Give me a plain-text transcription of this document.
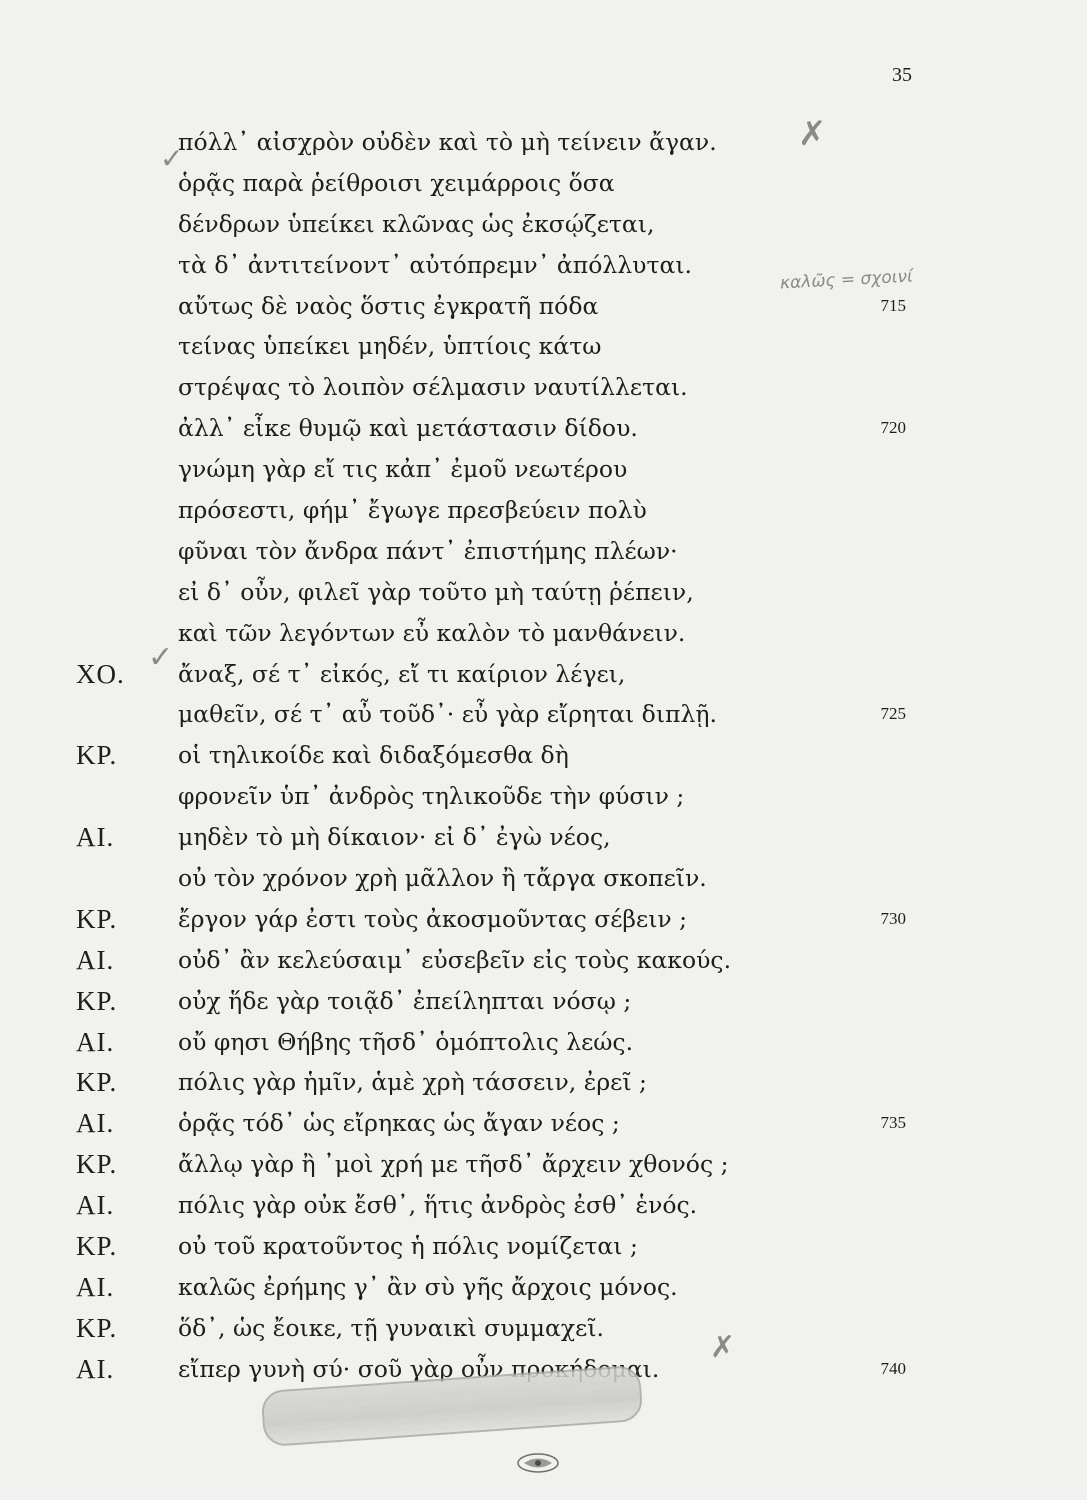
35
καλῶς = σχοινί
✗
✓
✓
✗
πόλλ᾽ αἰσχρὸν οὐδὲν καὶ τὸ μὴ τείνειν ἄγαν.
ὁρᾷς παρὰ ῥείθροισι χειμάρροις ὅσα
δένδρων ὑπείκει κλῶνας ὡς ἐκσῴζεται,
τὰ δ᾽ ἀντιτείνοντ᾽ αὐτόπρεμν᾽ ἀπόλλυται.
αὔτως δὲ ναὸς ὅστις ἐγκρατῆ πόδα	715
τείνας ὑπείκει μηδέν, ὑπτίοις κάτω
στρέψας τὸ λοιπὸν σέλμασιν ναυτίλλεται.
ἀλλ᾽ εἶκε θυμῷ καὶ μετάστασιν δίδου.	720
γνώμη γὰρ εἴ τις κἀπ᾽ ἐμοῦ νεωτέρου
πρόσεστι, φήμ᾽ ἔγωγε πρεσβεύειν πολὺ
φῦναι τὸν ἄνδρα πάντ᾽ ἐπιστήμης πλέων·
εἰ δ᾽ οὖν, φιλεῖ γὰρ τοῦτο μὴ ταύτῃ ῥέπειν,
καὶ τῶν λεγόντων εὖ καλὸν τὸ μανθάνειν.
ΧΟ. ἄναξ, σέ τ᾽ εἰκός, εἴ τι καίριον λέγει,
μαθεῖν, σέ τ᾽ αὖ τοῦδ᾽· εὖ γὰρ εἴρηται διπλῇ.	725
ΚΡ.	οἱ τηλικοίδε καὶ διδαξόμεσθα δὴ
φρονεῖν ὑπ᾽ ἀνδρὸς τηλικοῦδε τὴν φύσιν ;
ΑΙ.	μηδὲν τὸ μὴ δίκαιον· εἰ δ᾽ ἐγὼ νέος,
οὐ τὸν χρόνον χρὴ μᾶλλον ἢ τἄργα σκοπεῖν.
ΚΡ.	ἔργον γάρ ἐστι τοὺς ἀκοσμοῦντας σέβειν ;	730
ΑΙ.	οὐδ᾽ ἂν κελεύσαιμ᾽ εὐσεβεῖν εἰς τοὺς κακούς.
ΚΡ.	οὐχ ἥδε γὰρ τοιᾷδ᾽ ἐπείληπται νόσῳ ;
ΑΙ.	οὔ φησι Θήβης τῆσδ᾽ ὁμόπτολις λεώς.
ΚΡ.	πόλις γὰρ ἡμῖν, ἁμὲ χρὴ τάσσειν, ἐρεῖ ;
ΑΙ.	ὁρᾷς τόδ᾽ ὡς εἴρηκας ὡς ἄγαν νέος ;	735
ΚΡ.	ἄλλῳ γὰρ ἢ ᾽μοὶ χρή με τῆσδ᾽ ἄρχειν χθονός ;
ΑΙ.	πόλις γὰρ οὐκ ἔσθ᾽, ἥτις ἀνδρὸς ἐσθ᾽ ἑνός.
ΚΡ.	οὐ τοῦ κρατοῦντος ἡ πόλις νομίζεται ;
ΑΙ.	καλῶς ἐρήμης γ᾽ ἂν σὺ γῆς ἄρχοις μόνος.
ΚΡ.	ὅδ᾽, ὡς ἔοικε, τῇ γυναικὶ συμμαχεῖ.
ΑΙ.	εἴπερ γυνὴ σύ· σοῦ γὰρ οὖν προκήδομαι.	740
